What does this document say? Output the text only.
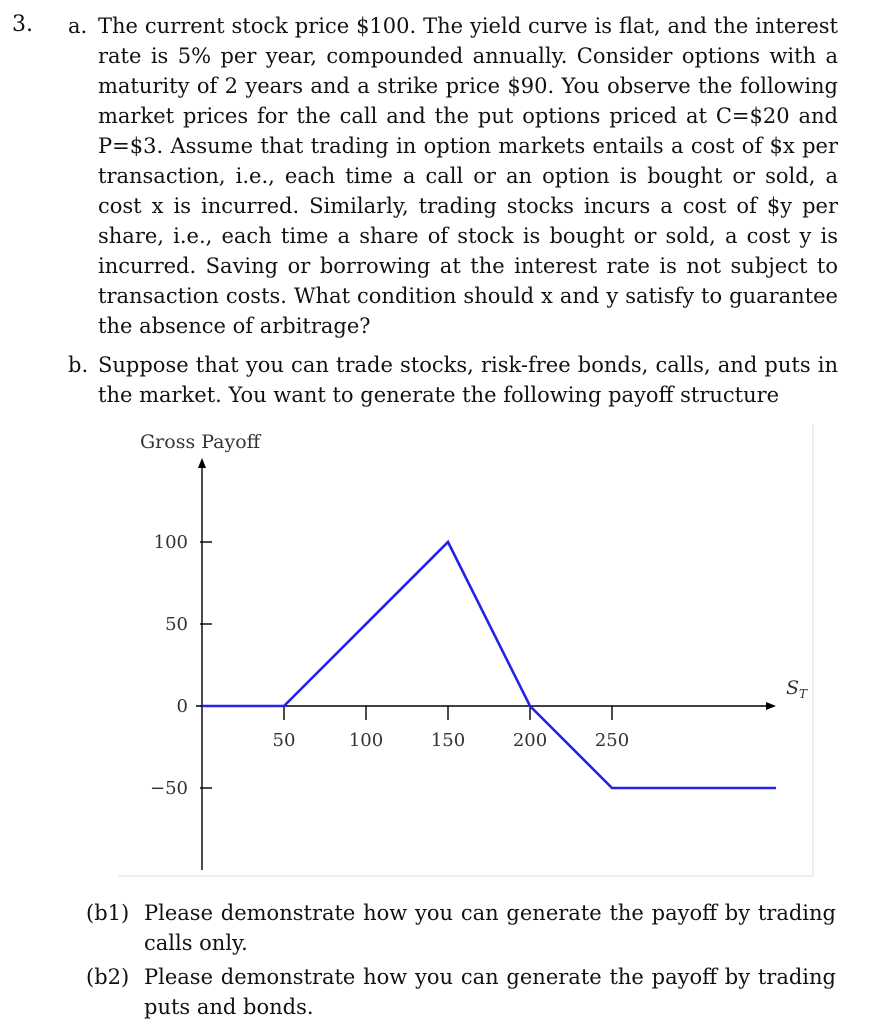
3. a. The current stock price $100. The yield curve is flat, and the interest rate is 5% per year, compounded annually. Consider options with a maturity of 2 years and a strike price $90. You observe the following market prices for the call and the put options priced at C=$20 and P=$3. Assume that trading in option markets entails a cost of $x per transaction, i.e., each time a call or an option is bought or sold, a cost x is incurred. Similarly, trading stocks incurs a cost of $y per share, i.e., each time a share of stock is bought or sold, a cost y is incurred. Saving or borrowing at the interest rate is not subject to transaction costs. What condition should x and y satisfy to guarantee the absence of arbitrage?
b. Suppose that you can trade stocks, risk-free bonds, calls, and puts in the market. You want to generate the following payoff structure
Gross Payoff
$S_T$
100
50
0
−50
50	100	150	200	250
(b1) Please demonstrate how you can generate the payoff by trading calls only.
(b2) Please demonstrate how you can generate the payoff by trading puts and bonds.
